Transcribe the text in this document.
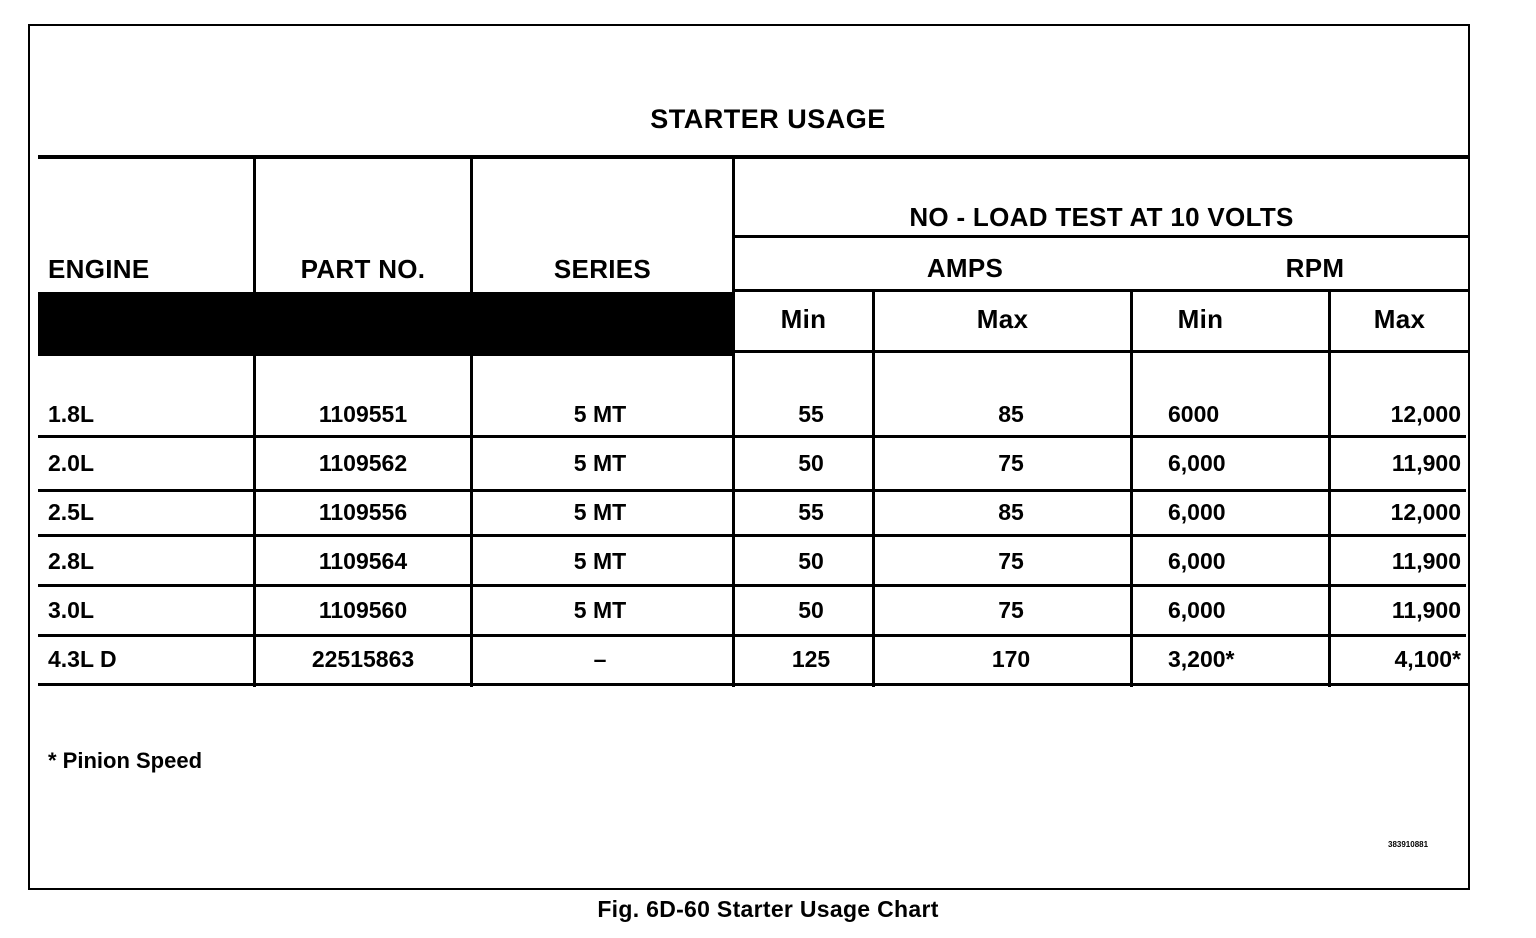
STARTER USAGE
ENGINE	PART NO.	SERIES
NO - LOAD TEST AT 10 VOLTS
AMPS	RPM
Min	Max	Min	Max
1.8L	1109551	5 MT	55	85	6000	12,000
2.0L	1109562	5 MT	50	75	6,000	11,900
2.5L	1109556	5 MT	55	85	6,000	12,000
2.8L	1109564	5 MT	50	75	6,000	11,900
3.0L	1109560	5 MT	50	75	6,000	11,900
4.3L D	22515863	–	125	170	3,200*	4,100*
* Pinion Speed
383910881
Fig. 6D-60 Starter Usage Chart
